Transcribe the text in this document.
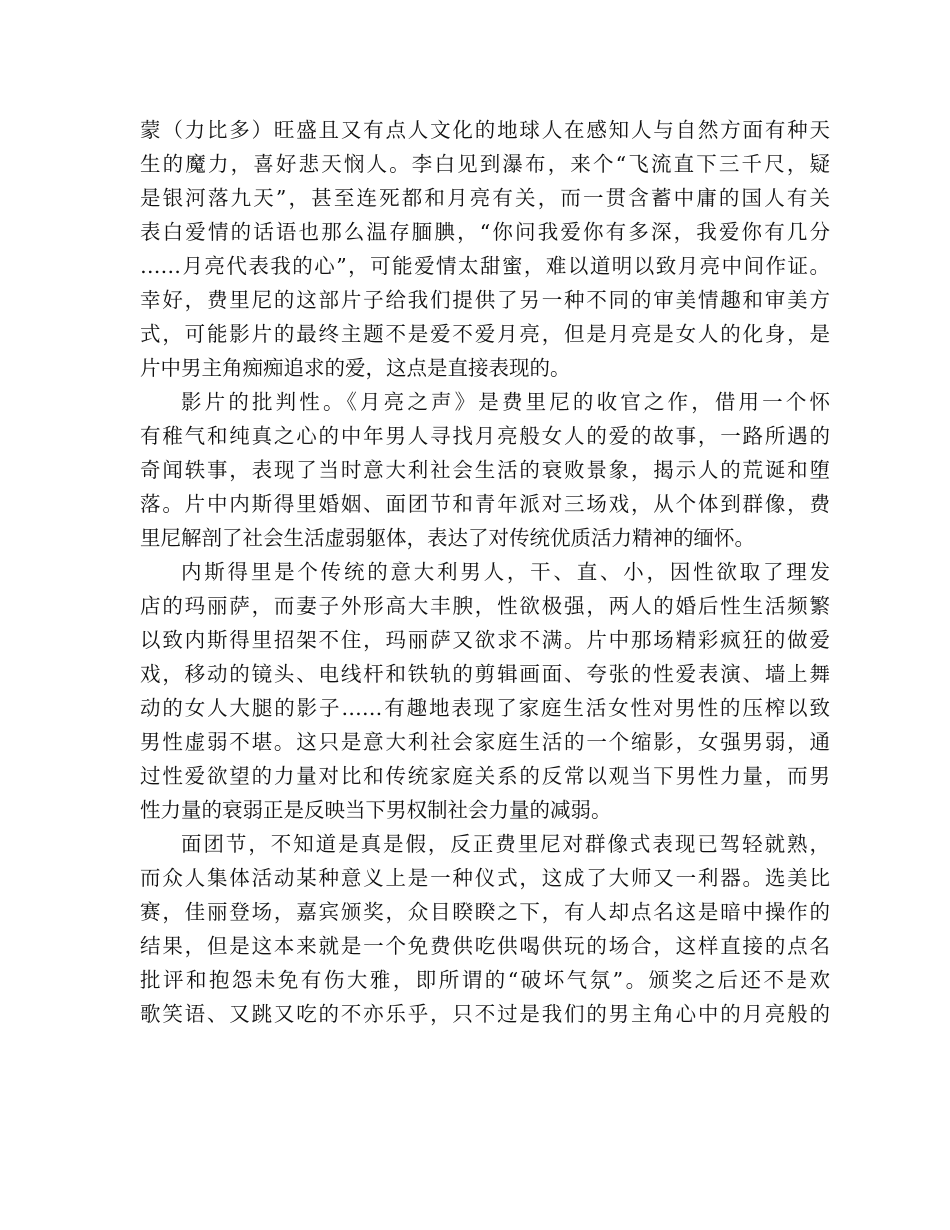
蒙（力比多）旺盛且又有点人文化的地球人在感知人与自然方面有种天
生的魔力，喜好悲天悯人。李白见到瀑布，来个“飞流直下三千尺，疑
是银河落九天”，甚至连死都和月亮有关，而一贯含蓄中庸的国人有关
表白爱情的话语也那么温存腼腆，“你问我爱你有多深，我爱你有几分
……月亮代表我的心”，可能爱情太甜蜜，难以道明以致月亮中间作证。
幸好，费里尼的这部片子给我们提供了另一种不同的审美情趣和审美方
式，可能影片的最终主题不是爱不爱月亮，但是月亮是女人的化身，是
片中男主角痴痴追求的爱，这点是直接表现的。
影片的批判性。《月亮之声》是费里尼的收官之作，借用一个怀
有稚气和纯真之心的中年男人寻找月亮般女人的爱的故事，一路所遇的
奇闻轶事，表现了当时意大利社会生活的衰败景象，揭示人的荒诞和堕
落。片中内斯得里婚姻、面团节和青年派对三场戏，从个体到群像，费
里尼解剖了社会生活虚弱躯体，表达了对传统优质活力精神的缅怀。
内斯得里是个传统的意大利男人，干、直、小，因性欲取了理发
店的玛丽萨，而妻子外形高大丰腴，性欲极强，两人的婚后性生活频繁
以致内斯得里招架不住，玛丽萨又欲求不满。片中那场精彩疯狂的做爱
戏，移动的镜头、电线杆和铁轨的剪辑画面、夸张的性爱表演、墙上舞
动的女人大腿的影子……有趣地表现了家庭生活女性对男性的压榨以致
男性虚弱不堪。这只是意大利社会家庭生活的一个缩影，女强男弱，通
过性爱欲望的力量对比和传统家庭关系的反常以观当下男性力量，而男
性力量的衰弱正是反映当下男权制社会力量的减弱。
面团节，不知道是真是假，反正费里尼对群像式表现已驾轻就熟，
而众人集体活动某种意义上是一种仪式，这成了大师又一利器。选美比
赛，佳丽登场，嘉宾颁奖，众目睽睽之下，有人却点名这是暗中操作的
结果，但是这本来就是一个免费供吃供喝供玩的场合，这样直接的点名
批评和抱怨未免有伤大雅，即所谓的“破坏气氛”。颁奖之后还不是欢
歌笑语、又跳又吃的不亦乐乎，只不过是我们的男主角心中的月亮般的
